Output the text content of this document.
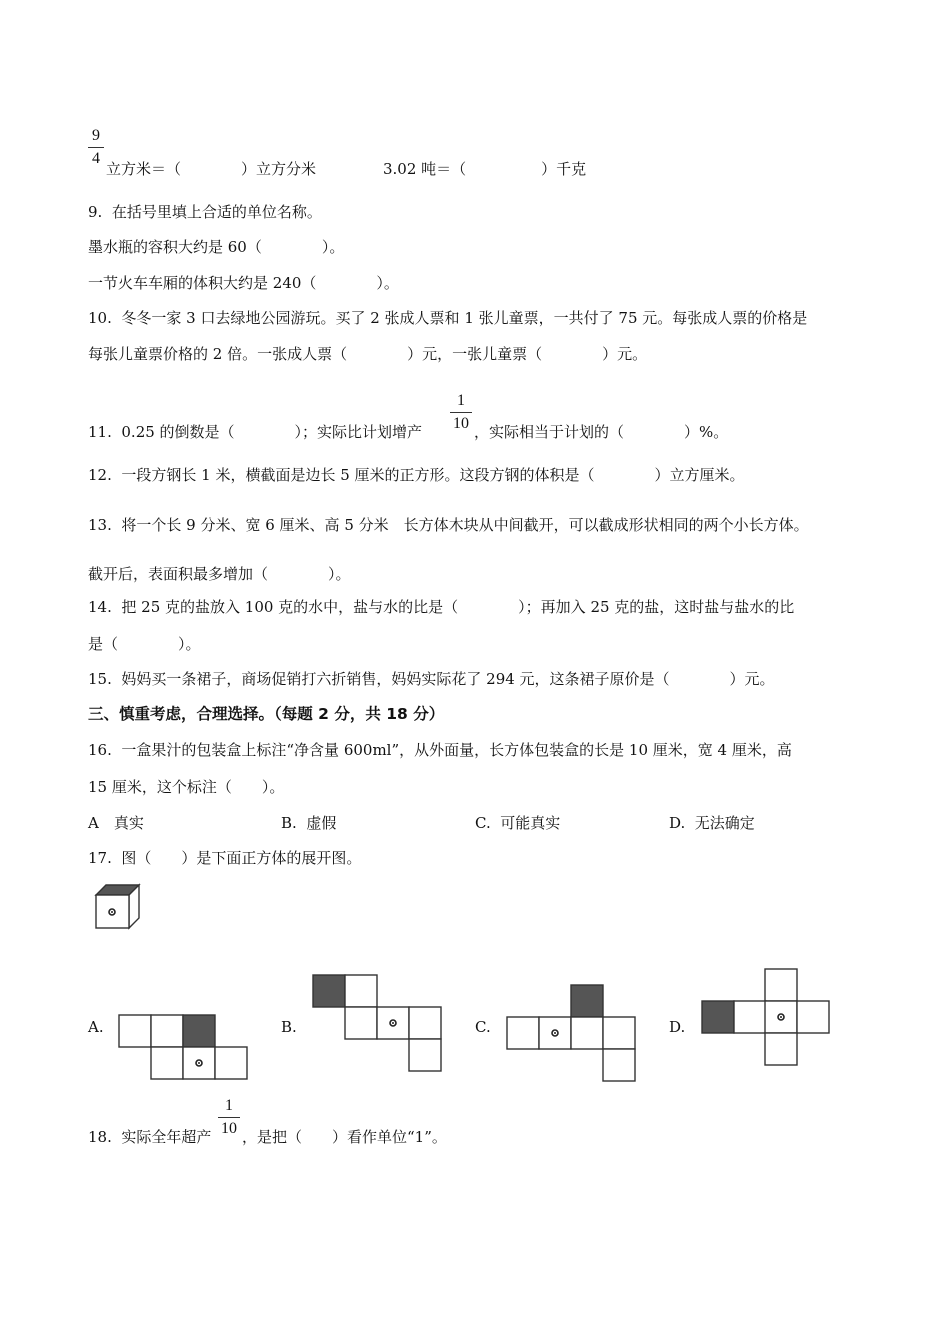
9
4
立方米＝（　　　　）立方分米	3.02 吨＝（　　　　　）千克
9.  在括号里填上合适的单位名称。
墨水瓶的容积大约是 60（　　　　）。
一节火车车厢的体积大约是 240（　　　　）。
10.  冬冬一家 3 口去绿地公园游玩。买了 2 张成人票和 1 张儿童票，一共付了 75 元。每张成人票的价格是
每张儿童票价格的 2 倍。一张成人票（　　　　）元，一张儿童票（　　　　）元。
11.  0.25 的倒数是（　　　　）；实际比计划增产
1
10 ，实际相当于计划的（　　　　）%。
12.  一段方钢长 1 米，横截面是边长 5 厘米的正方形。这段方钢的体积是（　　　　）立方厘米。
13.  将一个长 9 分米、宽 6 厘米、高 5 分米　长方体木块从中间截开，可以截成形状相同的两个小长方体。
截开后，表面积最多增加（　　　　）。
14.  把 25 克的盐放入 100 克的水中，盐与水的比是（　　　　）；再加入 25 克的盐，这时盐与盐水的比
是（　　　　）。
15.  妈妈买一条裙子，商场促销打六折销售，妈妈实际花了 294 元，这条裙子原价是（　　　　）元。
三、慎重考虑，合理选择。（每题 2 分，共 18 分）
16.  一盒果汁的包装盒上标注“净含量 600ml”，从外面量，长方体包装盒的长是 10 厘米，宽 4 厘米，高
15 厘米，这个标注（　　）。
A　真实	B.  虚假	C.  可能真实	D.  无法确定
17.  图（　　）是下面正方体的展开图。
A.	B.	C.	D.
18.  实际全年超产
1
10 ，是把（　　）看作单位“1”。
